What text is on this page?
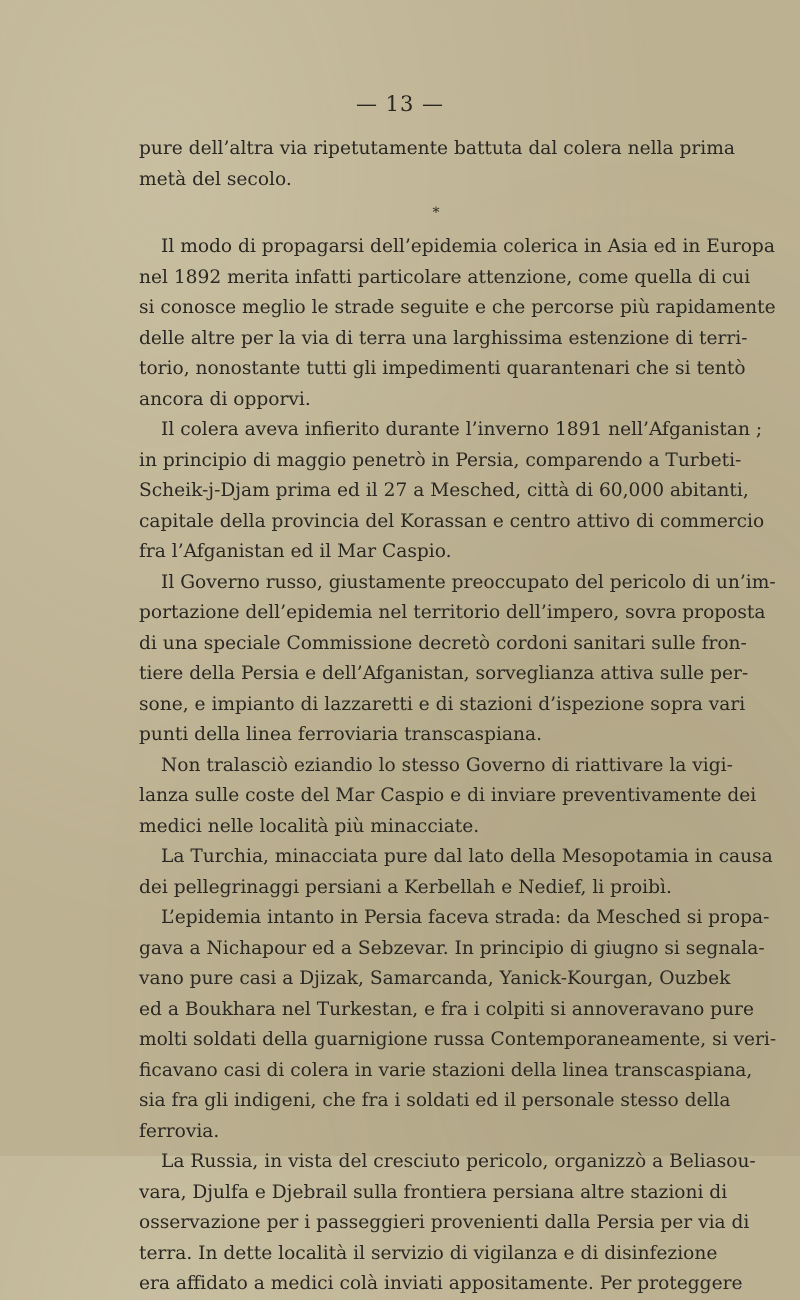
— 13 —
pure dell’altra via ripetutamente battuta dal colera nella prima
metà del secolo.
*
Il modo di propagarsi dell’epidemia colerica in Asia ed in Europa
nel 1892 merita infatti particolare attenzione, come quella di cui
si conosce meglio le strade seguite e che percorse più rapidamente
delle altre per la via di terra una larghissima estenzione di terri-
torio, nonostante tutti gli impedimenti quarantenari che si tentò
ancora di opporvi.
Il colera aveva infierito durante l’inverno 1891 nell’Afganistan ;
in principio di maggio penetrò in Persia, comparendo a Turbeti-
Scheik-j-Djam prima ed il 27 a Mesched, città di 60,000 abitanti,
capitale della provincia del Korassan e centro attivo di commercio
fra l’Afganistan ed il Mar Caspio.
Il Governo russo, giustamente preoccupato del pericolo di un’im-
portazione dell’epidemia nel territorio dell’impero, sovra proposta
di una speciale Commissione decretò cordoni sanitari sulle fron-
tiere della Persia e dell’Afganistan, sorveglianza attiva sulle per-
sone, e impianto di lazzaretti e di stazioni d’ispezione sopra vari
punti della linea ferroviaria transcaspiana.
Non tralasciò eziandio lo stesso Governo di riattivare la vigi-
lanza sulle coste del Mar Caspio e di inviare preventivamente dei
medici nelle località più minacciate.
La Turchia, minacciata pure dal lato della Mesopotamia in causa
dei pellegrinaggi persiani a Kerbellah e Nedief, li proibì.
L’epidemia intanto in Persia faceva strada: da Mesched si propa-
gava a Nichapour ed a Sebzevar. In principio di giugno si segnala-
vano pure casi a Djizak, Samarcanda, Yanick-Kourgan, Ouzbek
ed a Boukhara nel Turkestan, e fra i colpiti si annoveravano pure
molti soldati della guarnigione russa Contemporaneamente, si veri-
ficavano casi di colera in varie stazioni della linea transcaspiana,
sia fra gli indigeni, che fra i soldati ed il personale stesso della
ferrovia.
La Russia, in vista del cresciuto pericolo, organizzò a Beliasou-
vara, Djulfa e Djebrail sulla frontiera persiana altre stazioni di
osservazione per i passeggieri provenienti dalla Persia per via di
terra. In dette località il servizio di vigilanza e di disinfezione
era affidato a medici colà inviati appositamente. Per proteggere
